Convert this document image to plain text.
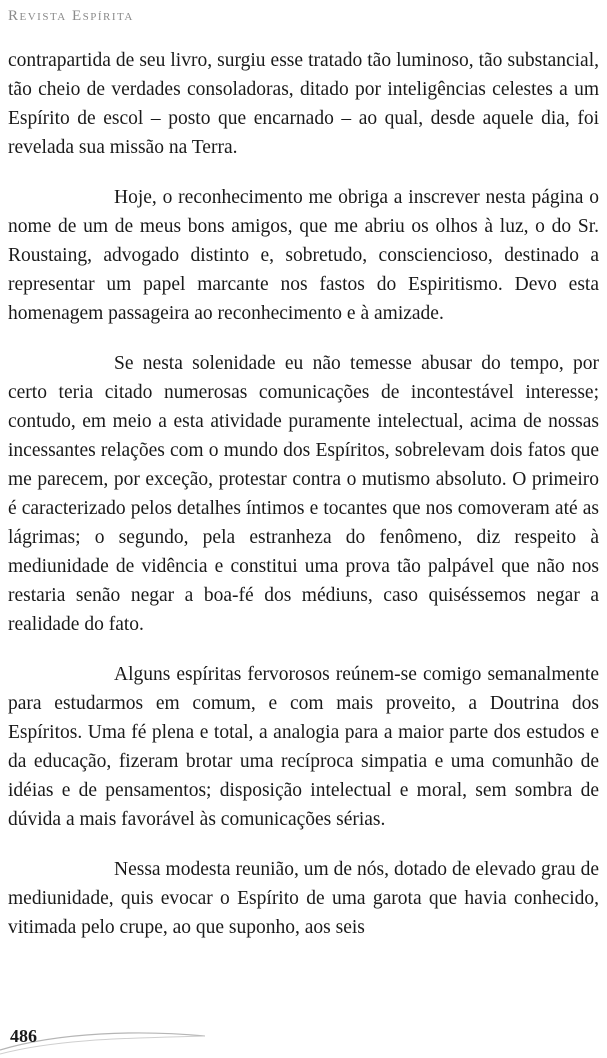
Revista Espírita

contrapartida de seu livro, surgiu esse tratado tão luminoso, tão substancial, tão cheio de verdades consoladoras, ditado por inteligências celestes a um Espírito de escol – posto que encarnado – ao qual, desde aquele dia, foi revelada sua missão na Terra.

Hoje, o reconhecimento me obriga a inscrever nesta página o nome de um de meus bons amigos, que me abriu os olhos à luz, o do Sr. Roustaing, advogado distinto e, sobretudo, consciencioso, destinado a representar um papel marcante nos fastos do Espiritismo. Devo esta homenagem passageira ao reconhecimento e à amizade.

Se nesta solenidade eu não temesse abusar do tempo, por certo teria citado numerosas comunicações de incontestável interesse; contudo, em meio a esta atividade puramente intelectual, acima de nossas incessantes relações com o mundo dos Espíritos, sobrelevam dois fatos que me parecem, por exceção, protestar contra o mutismo absoluto. O primeiro é caracterizado pelos detalhes íntimos e tocantes que nos comoveram até as lágrimas; o segundo, pela estranheza do fenômeno, diz respeito à mediunidade de vidência e constitui uma prova tão palpável que não nos restaria senão negar a boa-fé dos médiuns, caso quiséssemos negar a realidade do fato.

Alguns espíritas fervorosos reúnem-se comigo semanalmente para estudarmos em comum, e com mais proveito, a Doutrina dos Espíritos. Uma fé plena e total, a analogia para a maior parte dos estudos e da educação, fizeram brotar uma recíproca simpatia e uma comunhão de idéias e de pensamentos; disposição intelectual e moral, sem sombra de dúvida a mais favorável às comunicações sérias.

Nessa modesta reunião, um de nós, dotado de elevado grau de mediunidade, quis evocar o Espírito de uma garota que havia conhecido, vitimada pelo crupe, ao que suponho, aos seis

486
